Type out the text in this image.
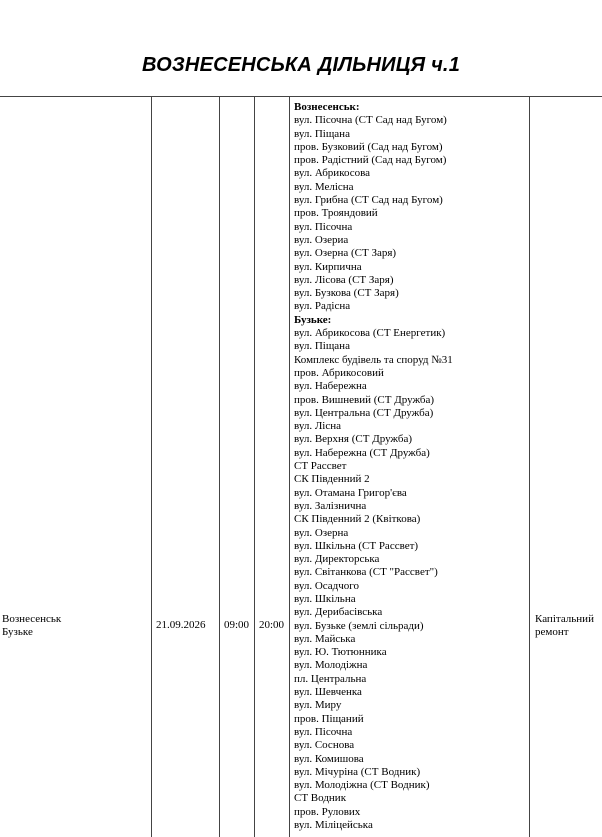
ВОЗНЕСЕНСЬКА ДІЛЬНИЦЯ ч.1
Вознесенськ
Бузьке
21.09.2026 09:00 20:00	Капітальний
ремонт
Вознесенськ:
вул. Пісочна (СТ Сад над Бугом)
вул. Піщана
пров. Бузковий (Сад над Бугом)
пров. Радістний (Сад над Бугом)
вул. Абрикосова
вул. Мелісна
вул. Грибна (СТ Сад над Бугом)
пров. Трояндовий
вул. Пісочна
вул. Озериа
вул. Озерна (СТ Заря)
вул. Кирпична
вул. Лісова (СТ Заря)
вул. Бузкова (СТ Заря)
вул. Радісна
Бузьке:
вул. Абрикосова (СТ Енергетик)
вул. Піщана
Комплекс будівель та споруд №31
пров. Абрикосовий
вул. Набережна
пров. Вишневий (СТ Дружба)
вул. Центральна (СТ Дружба)
вул. Лісна
вул. Верхня (СТ Дружба)
вул. Набережна (СТ Дружба)
СТ Рассвет
СК Південний 2
вул. Отамана Григор'єва
вул. Залізнична
СК Південний 2 (Квіткова)
вул. Озерна
вул. Шкільна (СТ Рассвет)
вул. Директорська
вул. Світанкова (СТ "Рассвет")
вул. Осадчого
вул. Шкільна
вул. Дерибасівська
вул. Бузьке (землі сільради)
вул. Майська
вул. Ю. Тютюнника
вул. Молодіжна
пл. Центральна
вул. Шевченка
вул. Миру
пров. Піщаний
вул. Пісочна
вул. Соснова
вул. Комишова
вул. Мічуріна (СТ Водник)
вул. Молодіжна (СТ Водник)
СТ Водник
пров. Рулових
вул. Міліцейська
